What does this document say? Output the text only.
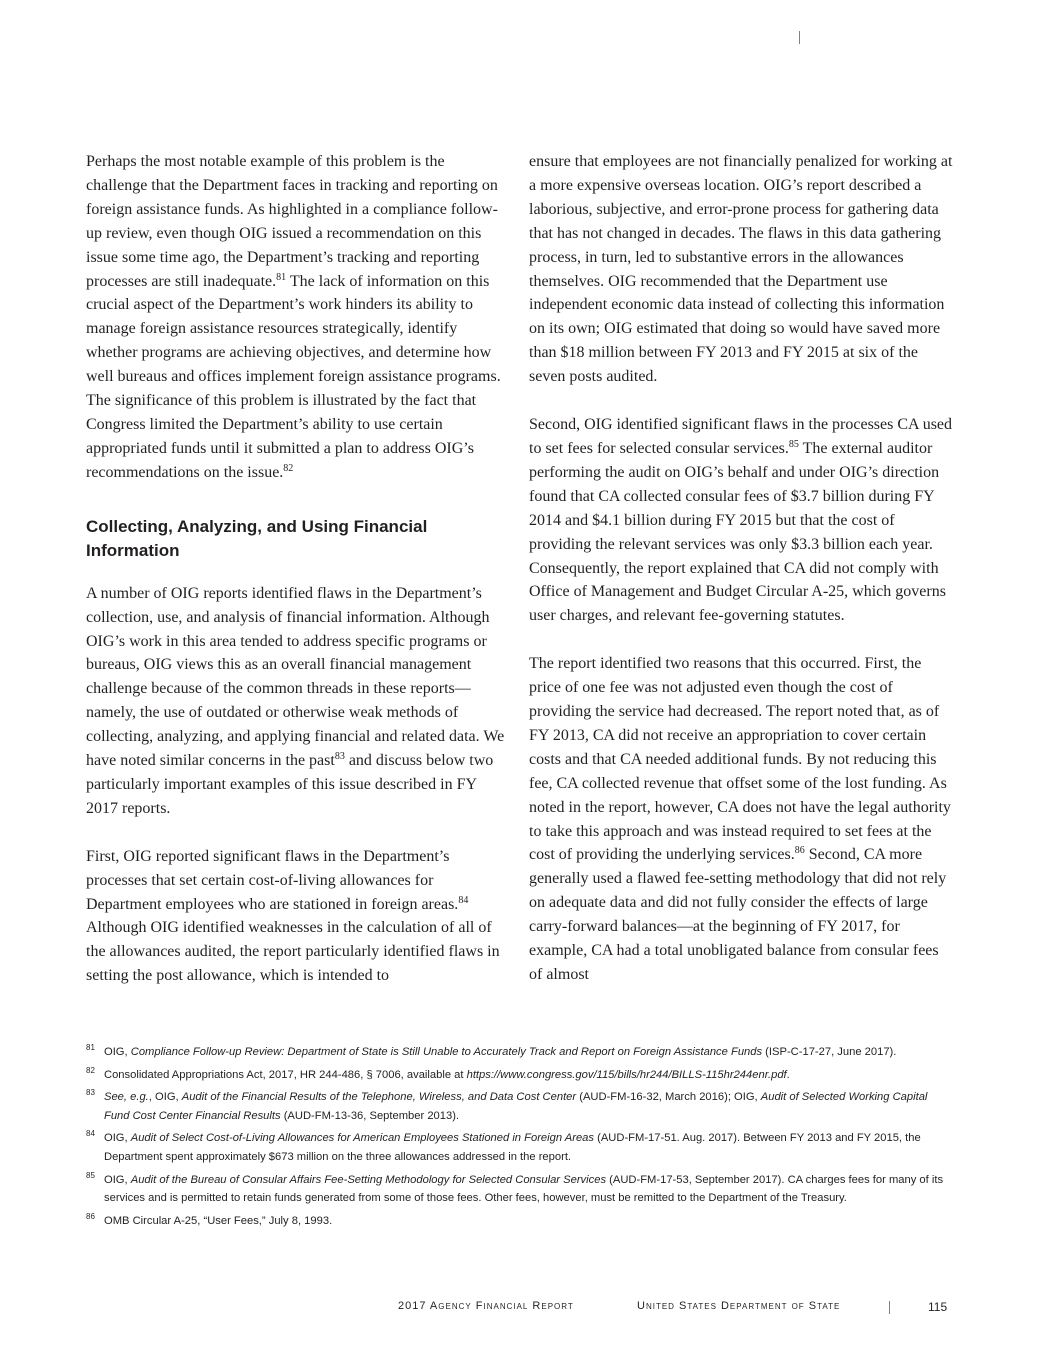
Perhaps the most notable example of this problem is the challenge that the Department faces in tracking and reporting on foreign assistance funds. As highlighted in a compliance follow-up review, even though OIG issued a recommendation on this issue some time ago, the Department’s tracking and reporting processes are still inadequate.$^{81}$ The lack of information on this crucial aspect of the Department’s work hinders its ability to manage foreign assistance resources strategically, identify whether programs are achieving objectives, and determine how well bureaus and offices implement foreign assistance programs. The significance of this problem is illustrated by the fact that Congress limited the Department’s ability to use certain appropriated funds until it submitted a plan to address OIG’s recommendations on the issue.$^{82}$

Collecting, Analyzing, and Using Financial Information

A number of OIG reports identified flaws in the Department’s collection, use, and analysis of financial information. Although OIG’s work in this area tended to address specific programs or bureaus, OIG views this as an overall financial management challenge because of the common threads in these reports—namely, the use of outdated or otherwise weak methods of collecting, analyzing, and applying financial and related data. We have noted similar concerns in the past$^{83}$ and discuss below two particularly important examples of this issue described in FY 2017 reports.

First, OIG reported significant flaws in the Department’s processes that set certain cost-of-living allowances for Department employees who are stationed in foreign areas.$^{84}$ Although OIG identified weaknesses in the calculation of all of the allowances audited, the report particularly identified flaws in setting the post allowance, which is intended to

ensure that employees are not financially penalized for working at a more expensive overseas location. OIG’s report described a laborious, subjective, and error-prone process for gathering data that has not changed in decades. The flaws in this data gathering process, in turn, led to substantive errors in the allowances themselves. OIG recommended that the Department use independent economic data instead of collecting this information on its own; OIG estimated that doing so would have saved more than $18 million between FY 2013 and FY 2015 at six of the seven posts audited.

Second, OIG identified significant flaws in the processes CA used to set fees for selected consular services.$^{85}$ The external auditor performing the audit on OIG’s behalf and under OIG’s direction found that CA collected consular fees of $3.7 billion during FY 2014 and $4.1 billion during FY 2015 but that the cost of providing the relevant services was only $3.3 billion each year. Consequently, the report explained that CA did not comply with Office of Management and Budget Circular A-25, which governs user charges, and relevant fee-governing statutes.

The report identified two reasons that this occurred. First, the price of one fee was not adjusted even though the cost of providing the service had decreased. The report noted that, as of FY 2013, CA did not receive an appropriation to cover certain costs and that CA needed additional funds. By not reducing this fee, CA collected revenue that offset some of the lost funding. As noted in the report, however, CA does not have the legal authority to take this approach and was instead required to set fees at the cost of providing the underlying services.$^{86}$ Second, CA more generally used a flawed fee-setting methodology that did not rely on adequate data and did not fully consider the effects of large carry-forward balances—at the beginning of FY 2017, for example, CA had a total unobligated balance from consular fees of almost

81 OIG, Compliance Follow-up Review: Department of State is Still Unable to Accurately Track and Report on Foreign Assistance Funds (ISP-C-17-27, June 2017).
82 Consolidated Appropriations Act, 2017, HR 244-486, § 7006, available at https://www.congress.gov/115/bills/hr244/BILLS-115hr244enr.pdf.
83 See, e.g., OIG, Audit of the Financial Results of the Telephone, Wireless, and Data Cost Center (AUD-FM-16-32, March 2016); OIG, Audit of Selected Working Capital Fund Cost Center Financial Results (AUD-FM-13-36, September 2013).
84 OIG, Audit of Select Cost-of-Living Allowances for American Employees Stationed in Foreign Areas (AUD-FM-17-51. Aug. 2017). Between FY 2013 and FY 2015, the Department spent approximately $673 million on the three allowances addressed in the report.
85 OIG, Audit of the Bureau of Consular Affairs Fee-Setting Methodology for Selected Consular Services (AUD-FM-17-53, September 2017). CA charges fees for many of its services and is permitted to retain funds generated from some of those fees. Other fees, however, must be remitted to the Department of the Treasury.
86 OMB Circular A-25, “User Fees,” July 8, 1993.
2017 Agency Financial Report	United States Department of State	115
